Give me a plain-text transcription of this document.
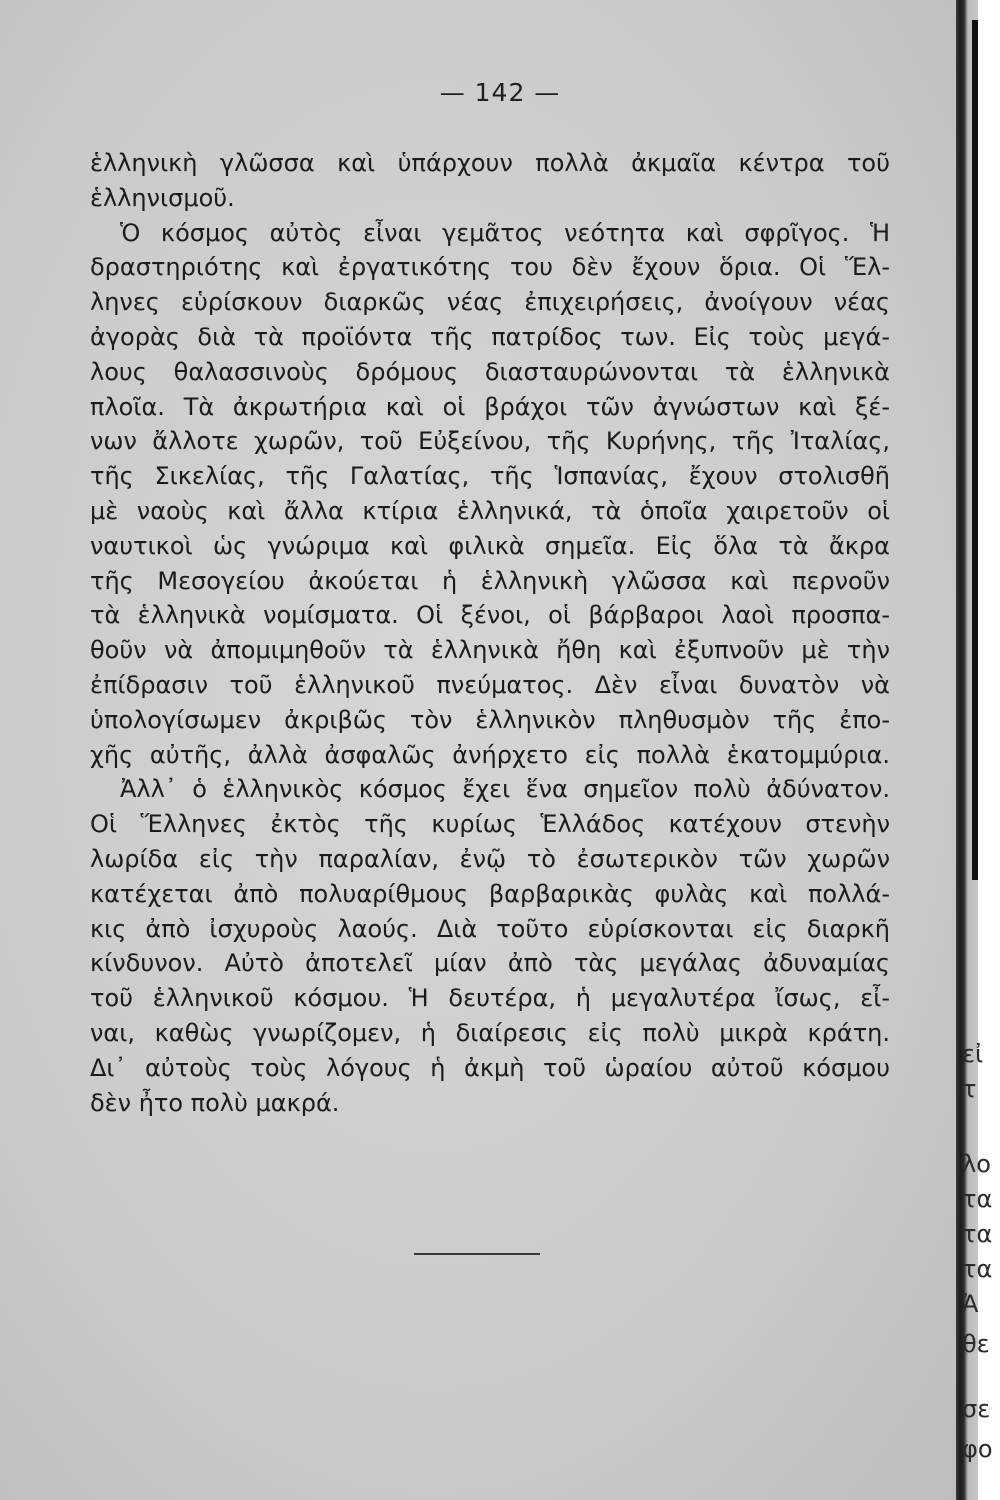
— 142 —
ἑλληνικὴ γλῶσσα καὶ ὑπάρχουν πολλὰ ἀκμαῖα κέντρα τοῦ
ἑλληνισμοῦ.
Ὁ κόσμος αὐτὸς εἶναι γεμᾶτος νεότητα καὶ σφρῖγος. Ἡ
δραστηριότης καὶ ἐργατικότης του δὲν ἔχουν ὅρια. Οἱ Ἕλ-
ληνες εὑρίσκουν διαρκῶς νέας ἐπιχειρήσεις, ἀνοίγουν νέας
ἀγορὰς διὰ τὰ προϊόντα τῆς πατρίδος των. Εἰς τοὺς μεγά-
λους θαλασσινοὺς δρόμους διασταυρώνονται τὰ ἑλληνικὰ
πλοῖα. Τὰ ἀκρωτήρια καὶ οἱ βράχοι τῶν ἀγνώστων καὶ ξέ-
νων ἄλλοτε χωρῶν, τοῦ Εὐξείνου, τῆς Κυρήνης, τῆς Ἰταλίας,
τῆς Σικελίας, τῆς Γαλατίας, τῆς Ἱσπανίας, ἔχουν στολισθῆ
μὲ ναοὺς καὶ ἄλλα κτίρια ἑλληνικά, τὰ ὁποῖα χαιρετοῦν οἱ
ναυτικοὶ ὡς γνώριμα καὶ φιλικὰ σημεῖα. Εἰς ὅλα τὰ ἄκρα
τῆς Μεσογείου ἀκούεται ἡ ἑλληνικὴ γλῶσσα καὶ περνοῦν
τὰ ἑλληνικὰ νομίσματα. Οἱ ξένοι, οἱ βάρβαροι λαοὶ προσπα-
θοῦν νὰ ἀπομιμηθοῦν τὰ ἑλληνικὰ ἤθη καὶ ἐξυπνοῦν μὲ τὴν
ἐπίδρασιν τοῦ ἑλληνικοῦ πνεύματος. Δὲν εἶναι δυνατὸν νὰ
ὑπολογίσωμεν ἀκριβῶς τὸν ἑλληνικὸν πληθυσμὸν τῆς ἐπο-
χῆς αὐτῆς, ἀλλὰ ἀσφαλῶς ἀνήρχετο εἰς πολλὰ ἑκατομμύρια.
Ἀλλ᾿ ὁ ἑλληνικὸς κόσμος ἔχει ἕνα σημεῖον πολὺ ἀδύνατον.
Οἱ Ἕλληνες ἐκτὸς τῆς κυρίως Ἑλλάδος κατέχουν στενὴν
λωρίδα εἰς τὴν παραλίαν, ἐνῷ τὸ ἐσωτερικὸν τῶν χωρῶν
κατέχεται ἀπὸ πολυαρίθμους βαρβαρικὰς φυλὰς καὶ πολλά-
κις ἀπὸ ἰσχυροὺς λαούς. Διὰ τοῦτο εὑρίσκονται εἰς διαρκῆ
κίνδυνον. Αὐτὸ ἀποτελεῖ μίαν ἀπὸ τὰς μεγάλας ἀδυναμίας
τοῦ ἑλληνικοῦ κόσμου. Ἡ δευτέρα, ἡ μεγαλυτέρα ἴσως, εἶ-
ναι, καθὼς γνωρίζομεν, ἡ διαίρεσις εἰς πολὺ μικρὰ κράτη.
Δι᾿ αὐτοὺς τοὺς λόγους ἡ ἀκμὴ τοῦ ὡραίου αὐτοῦ κόσμου
δὲν ἦτο πολὺ μακρά.
εἰ
τ
λο
τα
τα
τα
Ἀ
θε
σε
φο
